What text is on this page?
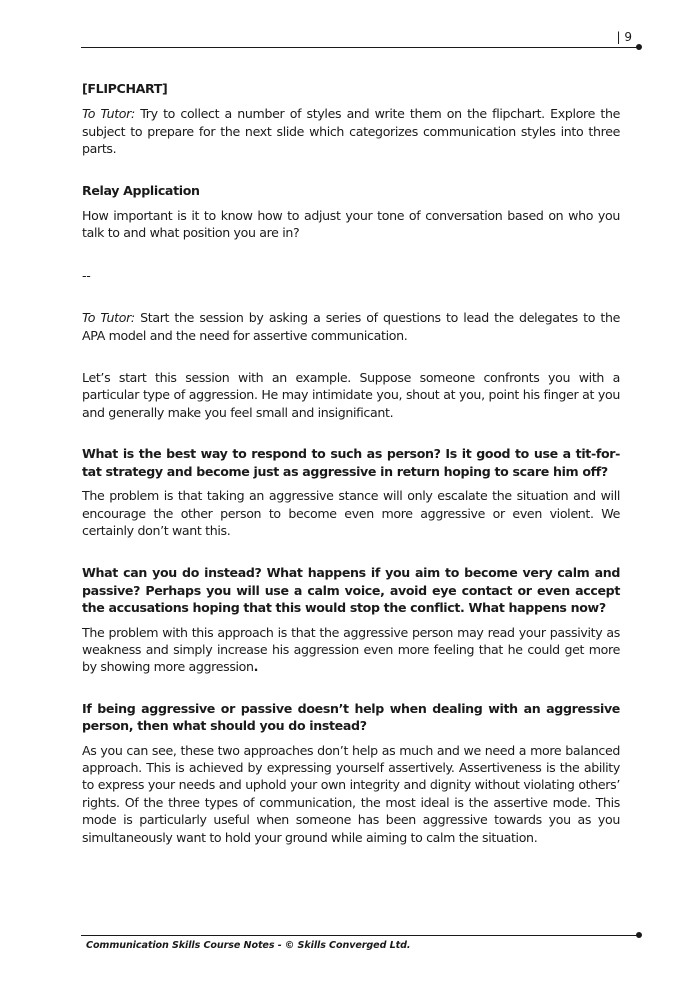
| 9

[FLIPCHART]

To Tutor: Try to collect a number of styles and write them on the flipchart. Explore the subject to prepare for the next slide which categorizes communication styles into three parts.

Relay Application

How important is it to know how to adjust your tone of conversation based on who you talk to and what position you are in?

--

To Tutor: Start the session by asking a series of questions to lead the delegates to the APA model and the need for assertive communication.

Let’s start this session with an example. Suppose someone confronts you with a particular type of aggression. He may intimidate you, shout at you, point his finger at you and generally make you feel small and insignificant.

What is the best way to respond to such as person? Is it good to use a tit-for-tat strategy and become just as aggressive in return hoping to scare him off?

The problem is that taking an aggressive stance will only escalate the situation and will encourage the other person to become even more aggressive or even violent. We certainly don’t want this.

What can you do instead? What happens if you aim to become very calm and passive? Perhaps you will use a calm voice, avoid eye contact or even accept the accusations hoping that this would stop the conflict. What happens now?

The problem with this approach is that the aggressive person may read your passivity as weakness and simply increase his aggression even more feeling that he could get more by showing more aggression.

If being aggressive or passive doesn’t help when dealing with an aggressive person, then what should you do instead?

As you can see, these two approaches don’t help as much and we need a more balanced approach. This is achieved by expressing yourself assertively. Assertiveness is the ability to express your needs and uphold your own integrity and dignity without violating others’ rights. Of the three types of communication, the most ideal is the assertive mode. This mode is particularly useful when someone has been aggressive towards you as you simultaneously want to hold your ground while aiming to calm the situation.

Communication Skills Course Notes - © Skills Converged Ltd.
